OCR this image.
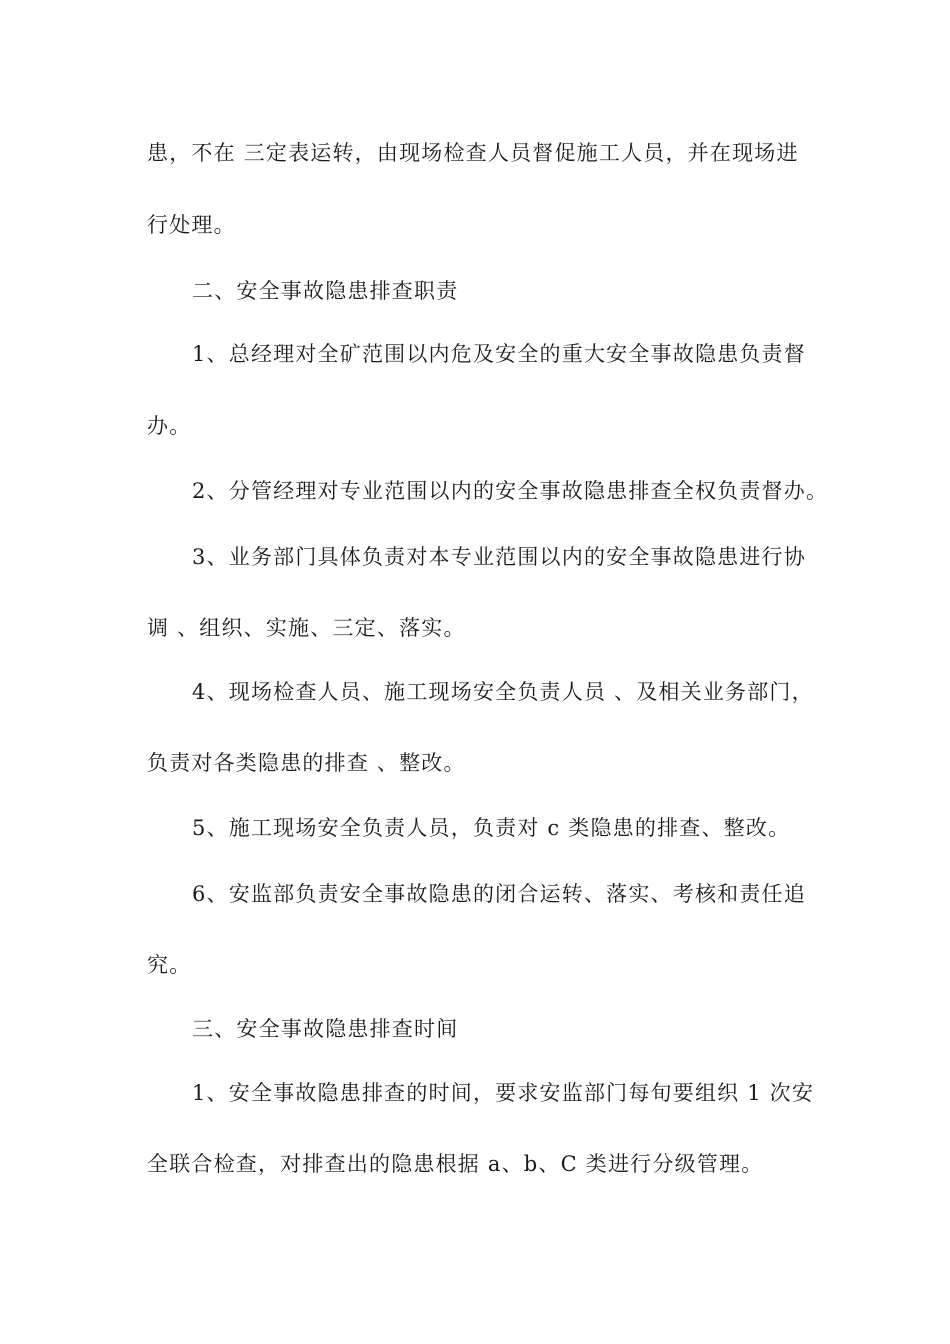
患，不在 三定表运转，由现场检查人员督促施工人员，并在现场进
行处理。
二、安全事故隐患排查职责
1、总经理对全矿范围以内危及安全的重大安全事故隐患负责督
办。
2、分管经理对专业范围以内的安全事故隐患排查全权负责督办。
3、业务部门具体负责对本专业范围以内的安全事故隐患进行协
调 、组织、实施、三定、落实。
4、现场检查人员、施工现场安全负责人员 、及相关业务部门，
负责对各类隐患的排查 、整改。
5、施工现场安全负责人员，负责对 c 类隐患的排查、整改。
6、安监部负责安全事故隐患的闭合运转、落实、考核和责任追
究。
三、安全事故隐患排查时间
1、安全事故隐患排查的时间，要求安监部门每旬要组织 1 次安
全联合检查，对排查出的隐患根据 a、b、C 类进行分级管理。
